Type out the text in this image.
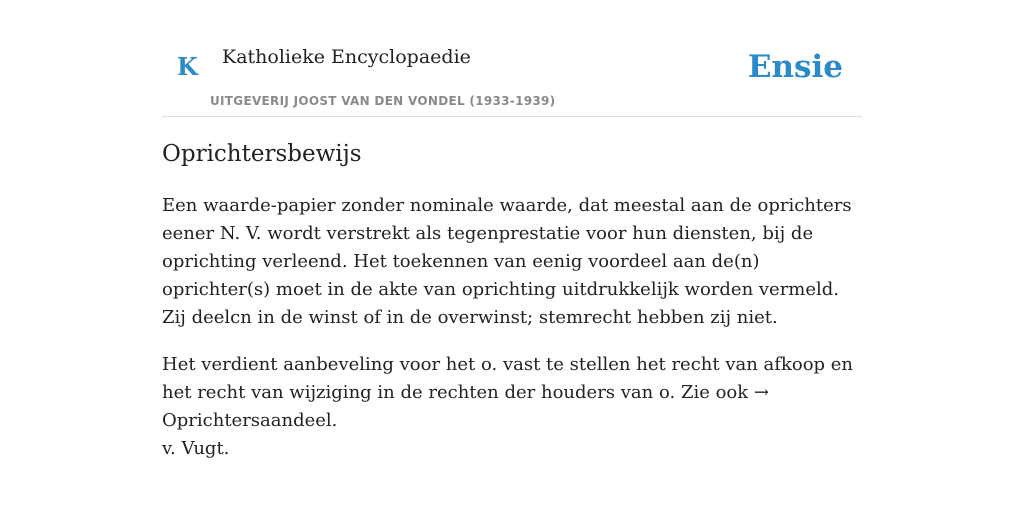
K Katholieke Encyclopaedie
UITGEVERIJ JOOST VAN DEN VONDEL (1933-1939)
Ensie
Oprichtersbewijs

Een waarde-papier zonder nominale waarde, dat meestal aan de oprichters eener N. V. wordt verstrekt als tegenprestatie voor hun diensten, bij de oprichting verleend. Het toekennen van eenig voordeel aan de(n) oprichter(s) moet in de akte van oprichting uitdrukkelijk worden vermeld. Zij deelcn in de winst of in de overwinst; stemrecht hebben zij niet.

Het verdient aanbeveling voor het o. vast te stellen het recht van afkoop en het recht van wijziging in de rechten der houders van o. Zie ook → Oprichtersaandeel.
v. Vugt.
